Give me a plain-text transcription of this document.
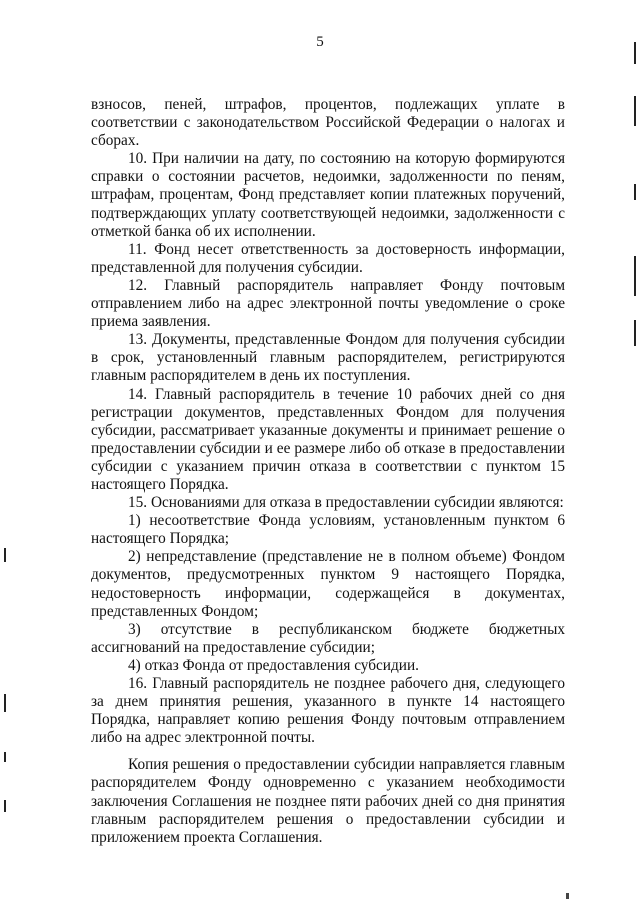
5

взносов, пеней, штрафов, процентов, подлежащих уплате в соответствии с законодательством Российской Федерации о налогах и сборах.

10. При наличии на дату, по состоянию на которую формируются справки о состоянии расчетов, недоимки, задолженности по пеням, штрафам, процентам, Фонд представляет копии платежных поручений, подтверждающих уплату соответствующей недоимки, задолженности с отметкой банка об их исполнении.

11. Фонд несет ответственность за достоверность информации, представленной для получения субсидии.

12. Главный распорядитель направляет Фонду почтовым отправлением либо на адрес электронной почты уведомление о сроке приема заявления.

13. Документы, представленные Фондом для получения субсидии в срок, установленный главным распорядителем, регистрируются главным распорядителем в день их поступления.

14. Главный распорядитель в течение 10 рабочих дней со дня регистрации документов, представленных Фондом для получения субсидии, рассматривает указанные документы и принимает решение о предоставлении субсидии и ее размере либо об отказе в предоставлении субсидии с указанием причин отказа в соответствии с пунктом 15 настоящего Порядка.

15. Основаниями для отказа в предоставлении субсидии являются:

1) несоответствие Фонда условиям, установленным пунктом 6 настоящего Порядка;

2) непредставление (представление не в полном объеме) Фондом документов, предусмотренных пунктом 9 настоящего Порядка, недостоверность информации, содержащейся в документах, представленных Фондом;

3) отсутствие в республиканском бюджете бюджетных ассигнований на предоставление субсидии;

4) отказ Фонда от предоставления субсидии.

16. Главный распорядитель не позднее рабочего дня, следующего за днем принятия решения, указанного в пункте 14 настоящего Порядка, направляет копию решения Фонду почтовым отправлением либо на адрес электронной почты.

Копия решения о предоставлении субсидии направляется главным распорядителем Фонду одновременно с указанием необходимости заключения Соглашения не позднее пяти рабочих дней со дня принятия главным распорядителем решения о предоставлении субсидии и приложением проекта Соглашения.
